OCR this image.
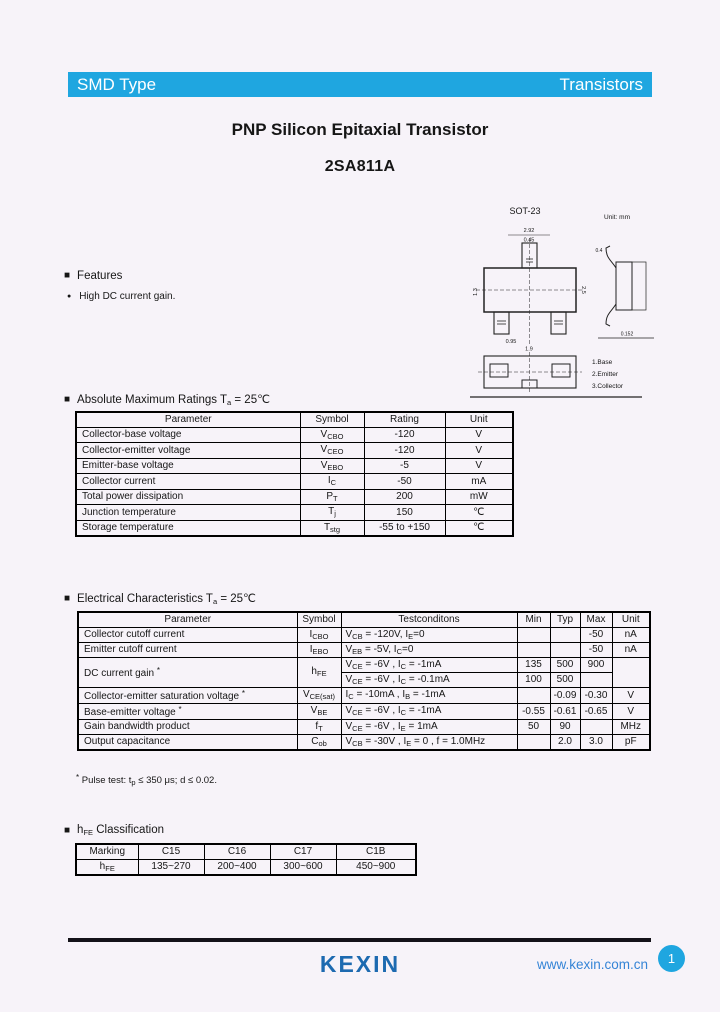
SMD Type	Transistors
PNP Silicon Epitaxial Transistor
2SA811A
■ Features
● High DC current gain.
SOT-23
Unit: mm
2.92
0.45
1.3	2.5
0.95
1.9
0.4
0.152
1.Base
2.Emitter
3.Collector
■ Absolute Maximum Ratings $T_a$ = 25℃
Parameter	Symbol	Rating	Unit
Collector-base voltage	$V_{CBO}$	-120	V
Collector-emitter voltage	$V_{CEO}$	-120	V
Emitter-base voltage	$V_{EBO}$	-5	V
Collector current	$I_C$	-50	mA
Total power dissipation	$P_T$	200	mW
Junction temperature	$T_j$	150	℃
Storage temperature	$T_{stg}$	-55 to +150	℃
■ Electrical Characteristics $T_a$ = 25℃
Parameter	Symbol	Testconditons	Min	Typ	Max	Unit
Collector cutoff current	$I_{CBO}$	$V_{CB} = -120V$, $I_E=0$			-50	nA
Emitter cutoff current	$I_{EBO}$	$V_{EB} = -5V$, $I_C=0$			-50	nA
DC current gain *	$h_{FE}$	$V_{CE} = -6V$ , $I_C = -1mA$	135	500	900	
		$V_{CE} = -6V$ , $I_C = -0.1mA$	100	500		
Collector-emitter saturation voltage *	$V_{CE(sat)}$	$I_C = -10mA$ , $I_B = -1mA$		-0.09	-0.30	V
Base-emitter voltage *	$V_{BE}$	$V_{CE} = -6V$ , $I_C = -1mA$	-0.55	-0.61	-0.65	V
Gain bandwidth product	$f_T$	$V_{CE} = -6V$ , $I_E = 1mA$	50	90		MHz
Output capacitance	$C_{ob}$	$V_{CB} = -30V$ , $I_E = 0$ , f = 1.0MHz		2.0	3.0	pF
* Pulse test: $t_p \le 350$ μs; d ≤ 0.02.
■ $h_{FE}$ Classification
Marking	C15	C16	C17	C1B
$h_{FE}$	135~270	200~400	300~600	450~900
KEXIN	www.kexin.com.cn 1
